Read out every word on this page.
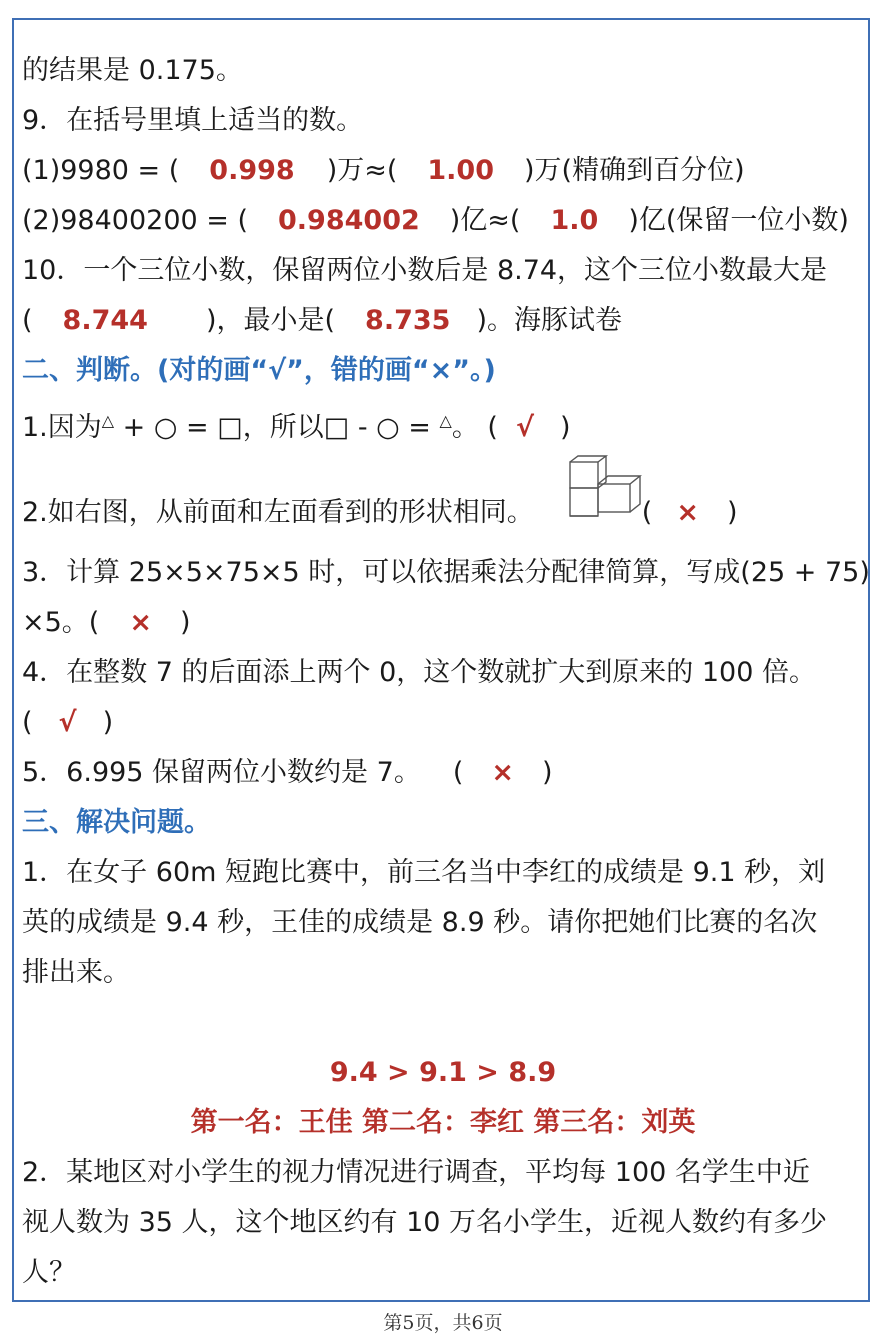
的结果是 0.175。
9．在括号里填上适当的数。
(1)9980 = ( 0.998 )万≈( 1.00 )万(精确到百分位)
(2)98400200 = ( 0.984002 )亿≈( 1.0 )亿(保留一位小数)
10．一个三位小数，保留两位小数后是 8.74，这个三位小数最大是
( 8.744 )，最小是( 8.735 )。海豚试卷
二、判断。(对的画“√”，错的画“×”。)
1.因为△ + ○ = □，所以□ - ○ = △。 ( √ )
2.如右图，从前面和左面看到的形状相同。	( × )
3．计算 25×5×75×5 时，可以依据乘法分配律简算，写成(25 + 75)
×5。( × )
4．在整数 7 的后面添上两个 0，这个数就扩大到原来的 100 倍。
( √ )
5．6.995 保留两位小数约是 7。 ( × )
三、解决问题。
1．在女子 60m 短跑比赛中，前三名当中李红的成绩是 9.1 秒，刘
英的成绩是 9.4 秒，王佳的成绩是 8.9 秒。请你把她们比赛的名次
排出来。
9.4 > 9.1 > 8.9
第一名：王佳 第二名：李红 第三名：刘英
2．某地区对小学生的视力情况进行调查，平均每 100 名学生中近
视人数为 35 人，这个地区约有 10 万名小学生，近视人数约有多少
人？
第5页，共6页
